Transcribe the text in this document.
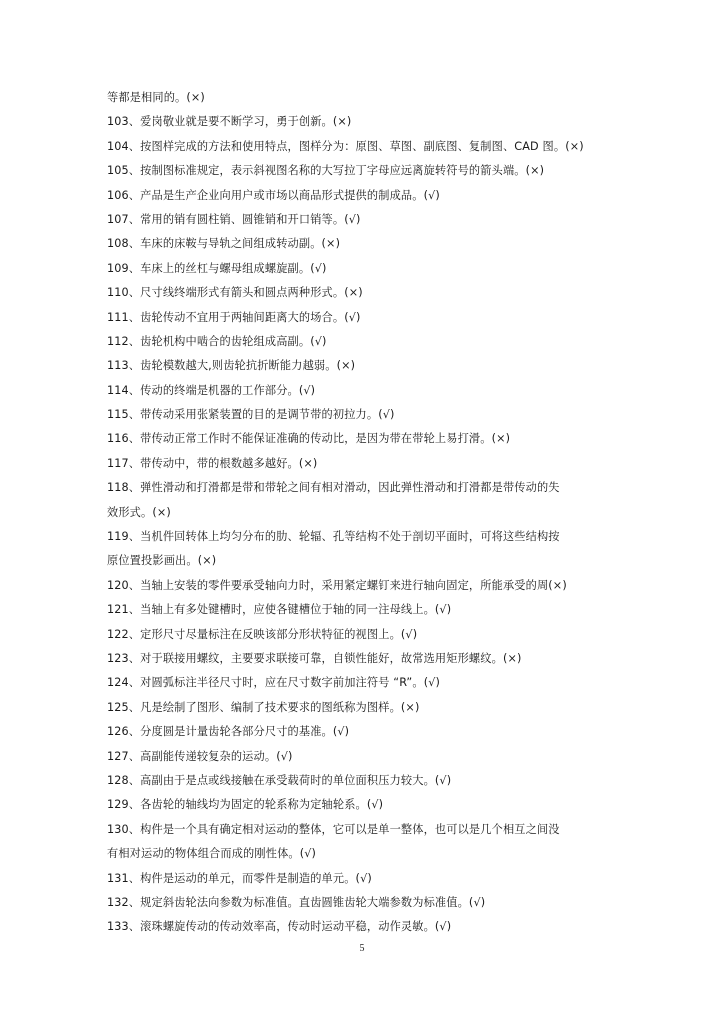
等都是相同的。(×)
103、爱岗敬业就是要不断学习，勇于创新。(×)
104、按图样完成的方法和使用特点，图样分为：原图、草图、副底图、复制图、CAD 图。(×)
105、按制图标准规定，表示斜视图名称的大写拉丁字母应远离旋转符号的箭头端。(×)
106、产品是生产企业向用户或市场以商品形式提供的制成品。(√)
107、常用的销有圆柱销、圆锥销和开口销等。(√)
108、车床的床鞍与导轨之间组成转动副。(×)
109、车床上的丝杠与螺母组成螺旋副。(√)
110、尺寸线终端形式有箭头和圆点两种形式。(×)
111、齿轮传动不宜用于两轴间距离大的场合。(√)
112、齿轮机构中啮合的齿轮组成高副。(√)
113、齿轮模数越大,则齿轮抗折断能力越弱。(×)
114、传动的终端是机器的工作部分。(√)
115、带传动采用张紧装置的目的是调节带的初拉力。(√)
116、带传动正常工作时不能保证准确的传动比，是因为带在带轮上易打滑。(×)
117、带传动中，带的根数越多越好。(×)
118、弹性滑动和打滑都是带和带轮之间有相对滑动，因此弹性滑动和打滑都是带传动的失
效形式。(×)
119、当机件回转体上均匀分布的肋、轮辐、孔等结构不处于剖切平面时，可将这些结构按
原位置投影画出。(×)
120、当轴上安装的零件要承受轴向力时，采用紧定螺钉来进行轴向固定，所能承受的周(×)
121、当轴上有多处键槽时，应使各键槽位于轴的同一注母线上。(√)
122、定形尺寸尽量标注在反映该部分形状特征的视图上。(√)
123、对于联接用螺纹，主要要求联接可靠，自锁性能好，故常选用矩形螺纹。(×)
124、对圆弧标注半径尺寸时，应在尺寸数字前加注符号 “R”。(√)
125、凡是绘制了图形、编制了技术要求的图纸称为图样。(×)
126、分度圆是计量齿轮各部分尺寸的基准。(√)
127、高副能传递较复杂的运动。(√)
128、高副由于是点或线接触在承受载荷时的单位面积压力较大。(√)
129、各齿轮的轴线均为固定的轮系称为定轴轮系。(√)
130、构件是一个具有确定相对运动的整体，它可以是单一整体，也可以是几个相互之间没
有相对运动的物体组合而成的刚性体。(√)
131、构件是运动的单元，而零件是制造的单元。(√)
132、规定斜齿轮法向参数为标准值。直齿圆锥齿轮大端参数为标准值。(√)
133、滚珠螺旋传动的传动效率高，传动时运动平稳，动作灵敏。(√)
5
